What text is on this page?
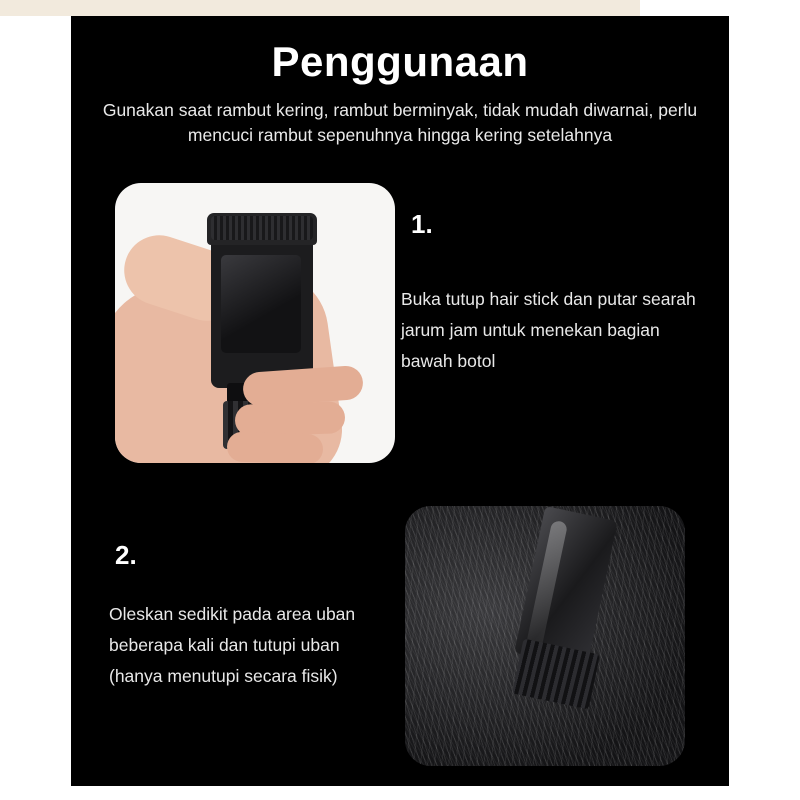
Penggunaan
Gunakan saat rambut kering, rambut berminyak, tidak mudah diwarnai, perlu mencuci rambut sepenuhnya hingga kering setelahnya
1.
Buka tutup hair stick dan putar searah jarum jam untuk menekan bagian bawah botol
2.
Oleskan sedikit pada area uban beberapa kali dan tutupi uban (hanya menutupi secara fisik)
